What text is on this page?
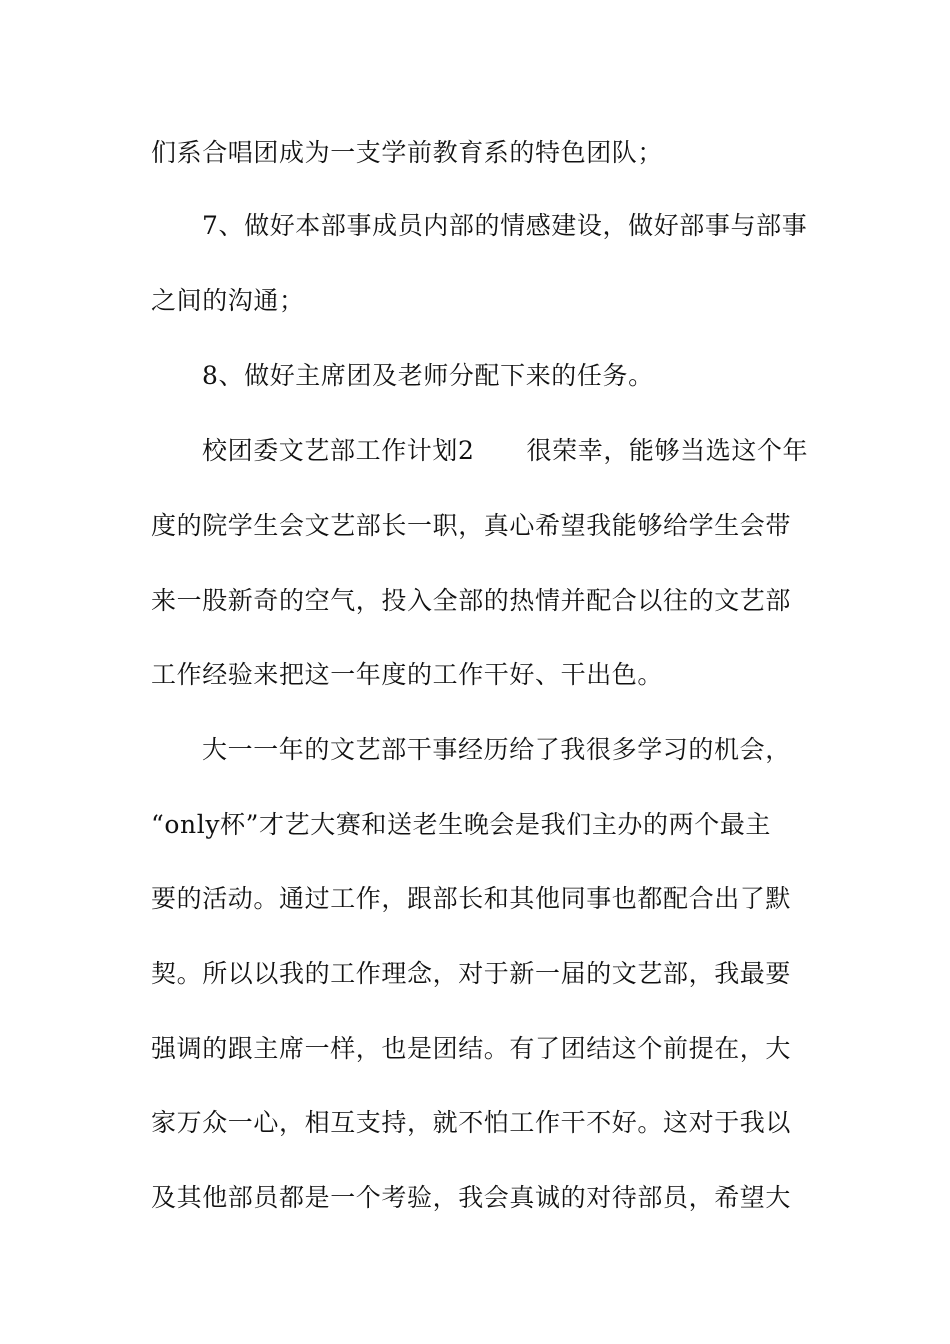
们系合唱团成为一支学前教育系的特色团队；
7、做好本部事成员内部的情感建设，做好部事与部事
之间的沟通；
8、做好主席团及老师分配下来的任务。
校团委文艺部工作计划2 很荣幸，能够当选这个年
度的院学生会文艺部长一职，真心希望我能够给学生会带
来一股新奇的空气，投入全部的热情并配合以往的文艺部
工作经验来把这一年度的工作干好、干出色。
大一一年的文艺部干事经历给了我很多学习的机会，
“only杯”才艺大赛和送老生晚会是我们主办的两个最主
要的活动。通过工作，跟部长和其他同事也都配合出了默
契。所以以我的工作理念，对于新一届的文艺部，我最要
强调的跟主席一样，也是团结。有了团结这个前提在，大
家万众一心，相互支持，就不怕工作干不好。这对于我以
及其他部员都是一个考验，我会真诚的对待部员，希望大
